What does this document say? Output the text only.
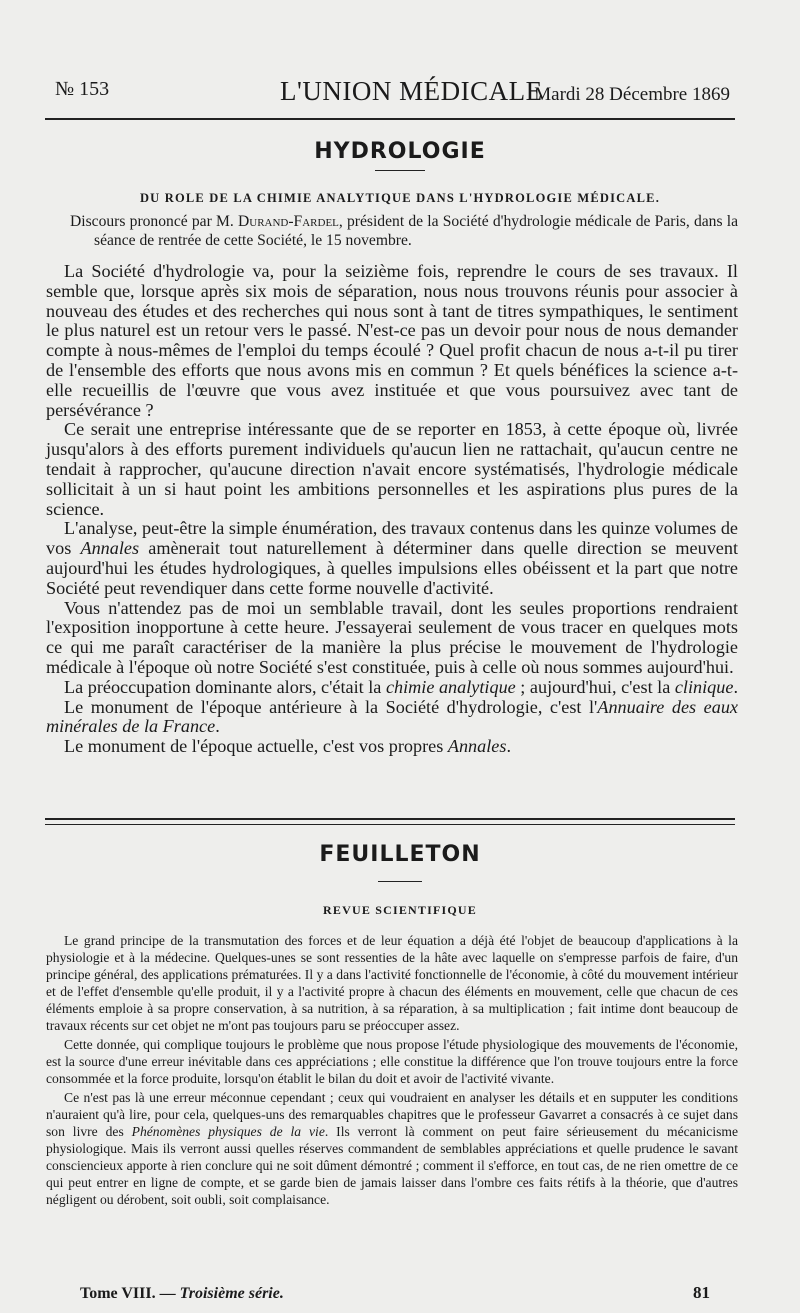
№ 153	L'UNION MÉDICALE
Mardi 28 Décembre 1869
HYDROLOGIE
DU ROLE DE LA CHIMIE ANALYTIQUE DANS L'HYDROLOGIE MÉDICALE.
Discours prononcé par M. Durand-Fardel, président de la Société d'hydrologie médicale de Paris, dans la séance de rentrée de cette Société, le 15 novembre.

La Société d'hydrologie va, pour la seizième fois, reprendre le cours de ses travaux. Il semble que, lorsque après six mois de séparation, nous nous trouvons réunis pour associer à nouveau des études et des recherches qui nous sont à tant de titres sympathiques, le sentiment le plus naturel est un retour vers le passé. N'est-ce pas un devoir pour nous de nous demander compte à nous-mêmes de l'emploi du temps écoulé ? Quel profit chacun de nous a-t-il pu tirer de l'ensemble des efforts que nous avons mis en commun ? Et quels bénéfices la science a-t-elle recueillis de l'œuvre que vous avez instituée et que vous poursuivez avec tant de persévérance ?

Ce serait une entreprise intéressante que de se reporter en 1853, à cette époque où, livrée jusqu'alors à des efforts purement individuels qu'aucun lien ne rattachait, qu'aucun centre ne tendait à rapprocher, qu'aucune direction n'avait encore systématisés, l'hydrologie médicale sollicitait à un si haut point les ambitions personnelles et les aspirations plus pures de la science.

L'analyse, peut-être la simple énumération, des travaux contenus dans les quinze volumes de vos Annales amènerait tout naturellement à déterminer dans quelle direction se meuvent aujourd'hui les études hydrologiques, à quelles impulsions elles obéissent et la part que notre Société peut revendiquer dans cette forme nouvelle d'activité.

Vous n'attendez pas de moi un semblable travail, dont les seules proportions rendraient l'exposition inopportune à cette heure. J'essayerai seulement de vous tracer en quelques mots ce qui me paraît caractériser de la manière la plus précise le mouvement de l'hydrologie médicale à l'époque où notre Société s'est constituée, puis à celle où nous sommes aujourd'hui.

La préoccupation dominante alors, c'était la chimie analytique ; aujourd'hui, c'est la clinique.

Le monument de l'époque antérieure à la Société d'hydrologie, c'est l'Annuaire des eaux minérales de la France.

Le monument de l'époque actuelle, c'est vos propres Annales.

FEUILLETON
REVUE SCIENTIFIQUE

Le grand principe de la transmutation des forces et de leur équation a déjà été l'objet de beaucoup d'applications à la physiologie et à la médecine. Quelques-unes se sont ressenties de la hâte avec laquelle on s'empresse parfois de faire, d'un principe général, des applications prématurées. Il y a dans l'activité fonctionnelle de l'économie, à côté du mouvement intérieur et de l'effet d'ensemble qu'elle produit, il y a l'activité propre à chacun des éléments en mouvement, celle que chacun de ces éléments emploie à sa propre conservation, à sa nutrition, à sa réparation, à sa multiplication ; fait intime dont beaucoup de travaux récents sur cet objet ne m'ont pas toujours paru se préoccuper assez.

Cette donnée, qui complique toujours le problème que nous propose l'étude physiologique des mouvements de l'économie, est la source d'une erreur inévitable dans ces appréciations ; elle constitue la différence que l'on trouve toujours entre la force consommée et la force produite, lorsqu'on établit le bilan du doit et avoir de l'activité vivante.

Ce n'est pas là une erreur méconnue cependant ; ceux qui voudraient en analyser les détails et en supputer les conditions n'auraient qu'à lire, pour cela, quelques-uns des remarquables chapitres que le professeur Gavarret a consacrés à ce sujet dans son livre des Phénomènes physiques de la vie. Ils verront là comment on peut faire sérieusement du mécanicisme physiologique. Mais ils verront aussi quelles réserves commandent de semblables appréciations et quelle prudence le savant consciencieux apporte à rien conclure qui ne soit dûment démontré ; comment il s'efforce, en tout cas, de ne rien omettre de ce qui peut entrer en ligne de compte, et se garde bien de jamais laisser dans l'ombre ces faits rétifs à la théorie, que d'autres négligent ou dérobent, soit oubli, soit complaisance.

Tome VIII. — Troisième série.	81
